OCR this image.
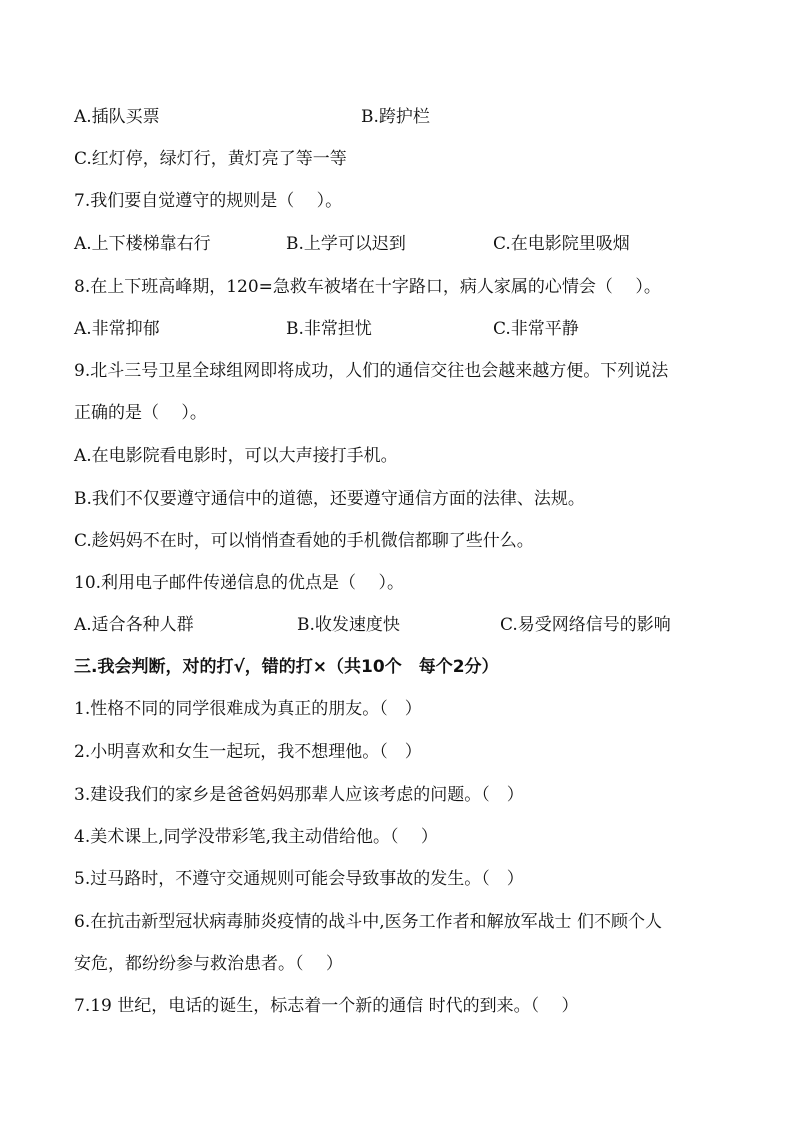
A.插队买票	B.跨护栏
C.红灯停，绿灯行，黄灯亮了等一等
7.我们要自觉遵守的规则是（　 ）。
A.上下楼梯靠右行	B.上学可以迟到	C.在电影院里吸烟
8.在上下班高峰期，120=急救车被堵在十字路口，病人家属的心情会（　 ）。
A.非常抑郁	B.非常担忧	C.非常平静
9.北斗三号卫星全球组网即将成功，人们的通信交往也会越来越方便。下列说法
正确的是（　 ）。
A.在电影院看电影时，可以大声接打手机。
B.我们不仅要遵守通信中的道德，还要遵守通信方面的法律、法规。
C.趁妈妈不在时，可以悄悄查看她的手机微信都聊了些什么。
10.利用电子邮件传递信息的优点是（　 ）。
A.适合各种人群	B.收发速度快	C.易受网络信号的影响
三.我会判断，对的打√，错的打×（共10个　每个2分）
1.性格不同的同学很难成为真正的朋友。（　）
2.小明喜欢和女生一起玩，我不想理他。（　）
3.建设我们的家乡是爸爸妈妈那辈人应该考虑的问题。（　）
4.美术课上,同学没带彩笔,我主动借给他。（　 ）
5.过马路时，不遵守交通规则可能会导致事故的发生。（　）
6.在抗击新型冠状病毒肺炎疫情的战斗中,医务工作者和解放军战士 们不顾个人
安危，都纷纷参与救治患者。（　 ）
7.19 世纪，电话的诞生，标志着一个新的通信 时代的到来。（　 ）
